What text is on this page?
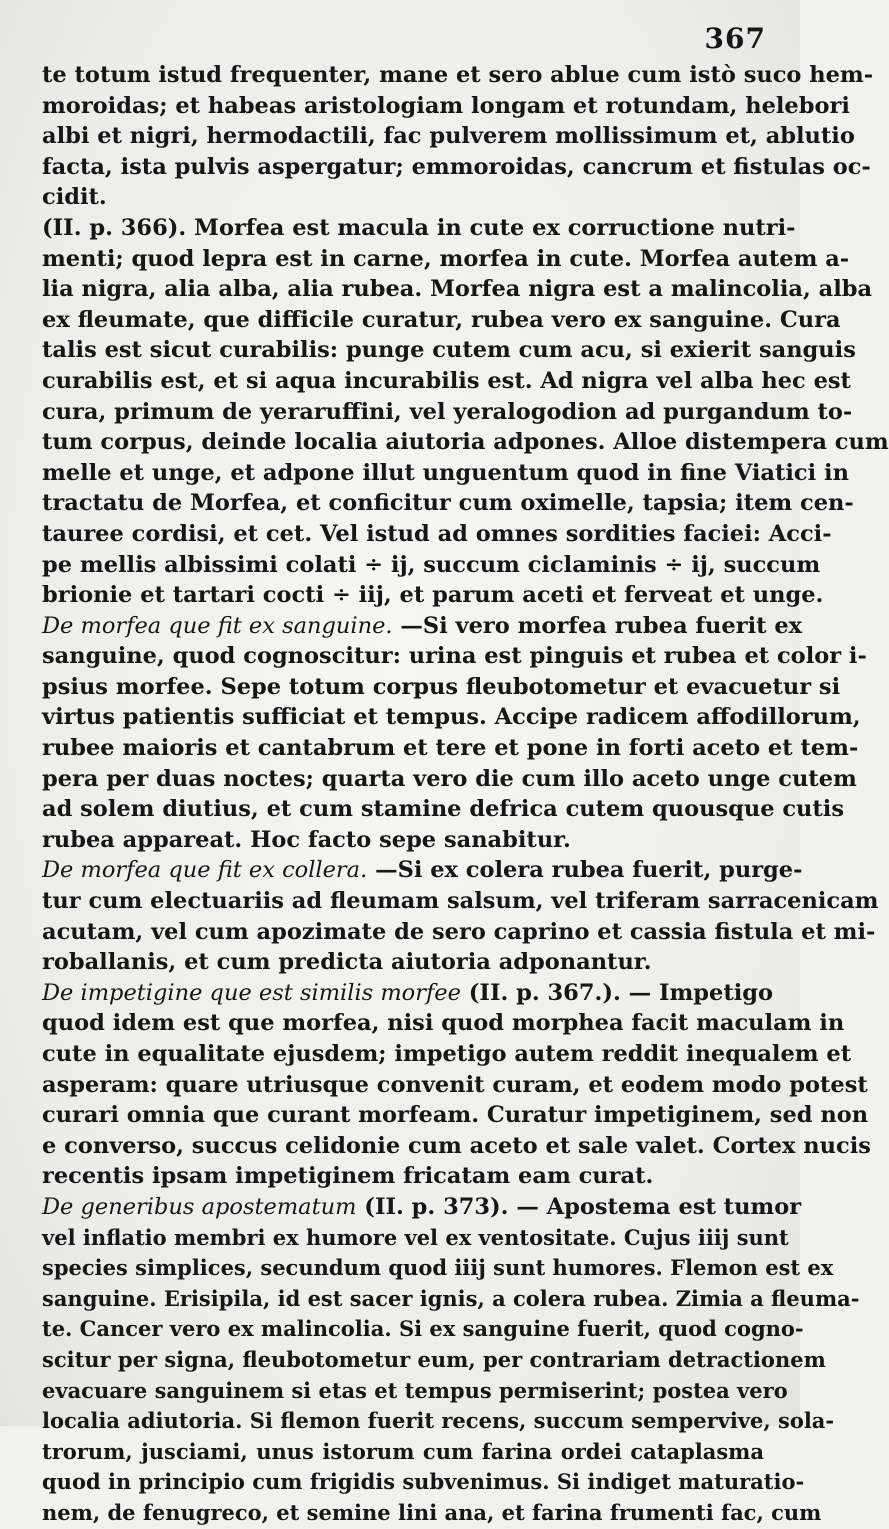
367
te totum istud frequenter, mane et sero ablue cum istò suco hem-
moroidas; et habeas aristologiam longam et rotundam, helebori
albi et nigri, hermodactili, fac pulverem mollissimum et, ablutio
facta, ista pulvis aspergatur; emmoroidas, cancrum et fistulas oc-
cidit.
(II. p. 366). Morfea est macula in cute ex corructione nutri-
menti; quod lepra est in carne, morfea in cute. Morfea autem a-
lia nigra, alia alba, alia rubea. Morfea nigra est a malincolia, alba
ex fleumate, que difficile curatur, rubea vero ex sanguine. Cura
talis est sicut curabilis: punge cutem cum acu, si exierit sanguis
curabilis est, et si aqua incurabilis est. Ad nigra vel alba hec est
cura, primum de yeraruffini, vel yeralogodion ad purgandum to-
tum corpus, deinde localia aiutoria adpones. Alloe distempera cum
melle et unge, et adpone illut unguentum quod in fine Viatici in
tractatu de Morfea, et conficitur cum oximelle, tapsia; item cen-
tauree cordisi, et cet. Vel istud ad omnes sordities faciei: Acci-
pe mellis albissimi colati ÷ ij, succum ciclaminis ÷ ij, succum
brionie et tartari cocti ÷ iij, et parum aceti et ferveat et unge.
De morfea que fit ex sanguine. —Si vero morfea rubea fuerit ex
sanguine, quod cognoscitur: urina est pinguis et rubea et color i-
psius morfee. Sepe totum corpus fleubotometur et evacuetur si
virtus patientis sufficiat et tempus. Accipe radicem affodillorum,
rubee maioris et cantabrum et tere et pone in forti aceto et tem-
pera per duas noctes; quarta vero die cum illo aceto unge cutem
ad solem diutius, et cum stamine defrica cutem quousque cutis
rubea appareat. Hoc facto sepe sanabitur.
De morfea que fit ex collera. —Si ex colera rubea fuerit, purge-
tur cum electuariis ad fleumam salsum, vel triferam sarracenicam
acutam, vel cum apozimate de sero caprino et cassia fistula et mi-
roballanis, et cum predicta aiutoria adponantur.
De impetigine que est similis morfee (II. p. 367.). — Impetigo
quod idem est que morfea, nisi quod morphea facit maculam in
cute in equalitate ejusdem; impetigo autem reddit inequalem et
asperam: quare utriusque convenit curam, et eodem modo potest
curari omnia que curant morfeam. Curatur impetiginem, sed non
e converso, succus celidonie cum aceto et sale valet. Cortex nucis
recentis ipsam impetiginem fricatam eam curat.
De generibus apostematum (II. p. 373). — Apostema est tumor
vel inflatio membri ex humore vel ex ventositate. Cujus iiij sunt
species simplices, secundum quod iiij sunt humores. Flemon est ex
sanguine. Erisipila, id est sacer ignis, a colera rubea. Zimia a fleuma-
te. Cancer vero ex malincolia. Si ex sanguine fuerit, quod cogno-
scitur per signa, fleubotometur eum, per contrariam detractionem
evacuare sanguinem si etas et tempus permiserint; postea vero
localia adiutoria. Si flemon fuerit recens, succum sempervive, sola-
trorum, jusciami, unus istorum cum farina ordei cataplasma
quod in principio cum frigidis subvenimus. Si indiget maturatio-
nem, de fenugreco, et semine lini ana, et farina frumenti fac, cum
